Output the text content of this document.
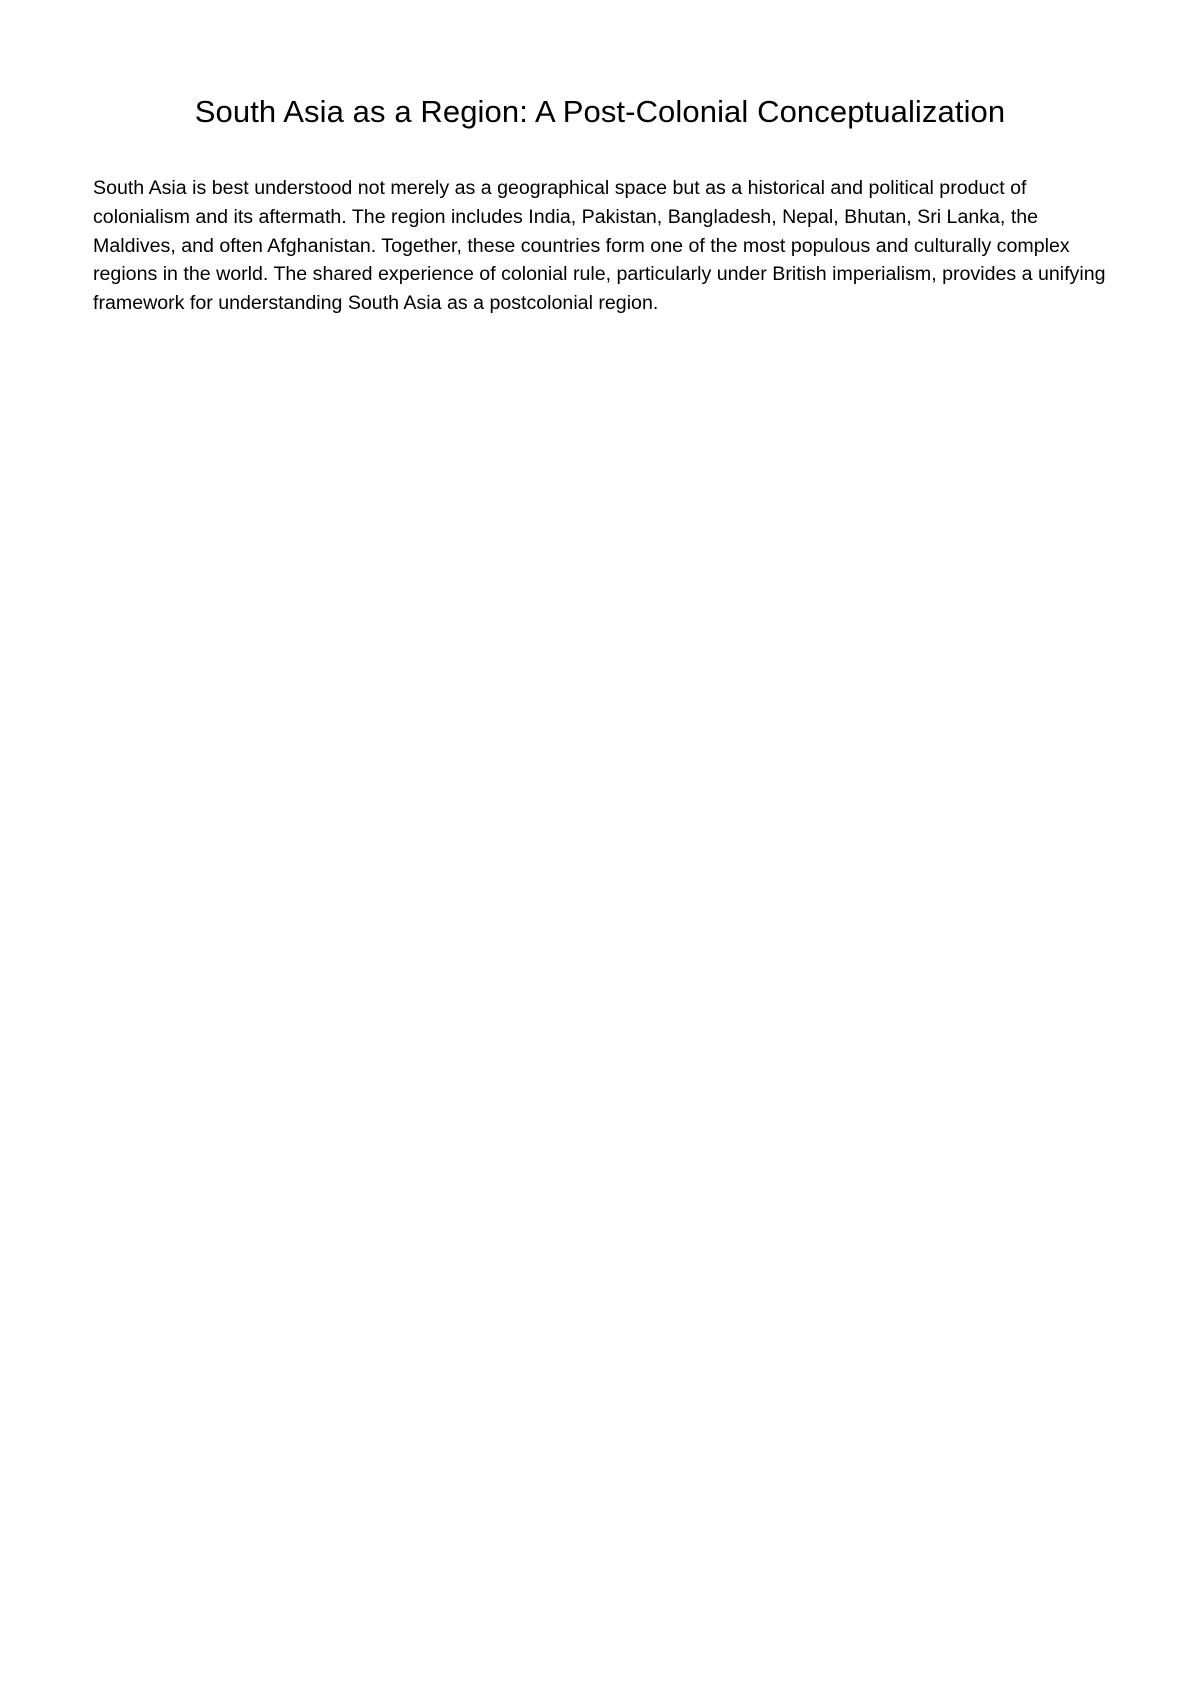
South Asia as a Region: A Post-Colonial Conceptualization

South Asia is best understood not merely as a geographical space but as a historical and political product of colonialism and its aftermath. The region includes India, Pakistan, Bangladesh, Nepal, Bhutan, Sri Lanka, the Maldives, and often Afghanistan. Together, these countries form one of the most populous and culturally complex regions in the world. The shared experience of colonial rule, particularly under British imperialism, provides a unifying framework for understanding South Asia as a postcolonial region.
